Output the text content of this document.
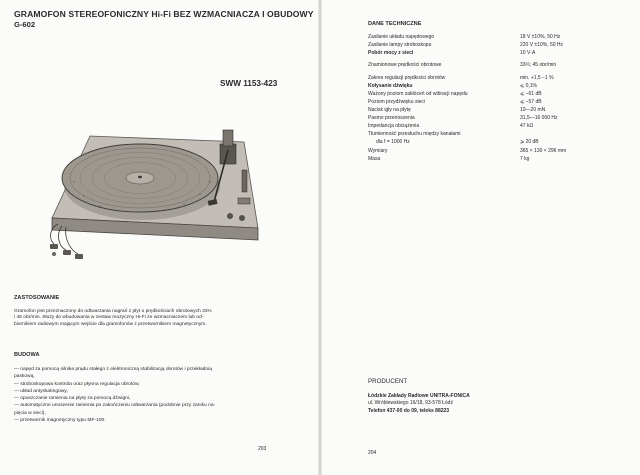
GRAMOFON STEREOFONICZNY Hi-Fi BEZ WZMACNIACZA I OBUDOWY
G-602
SWW 1153-423
ZASTOSOWANIE
Gramofon jest przeznaczony do odtwarzania nagrań z płyt o prędkościach obrotowych 33⅓
i 45 obr/min. Służy do wbudowania w zestaw muzyczny Hi-Fi ze wzmacniaczem lub od-
biornikiem radiowym mającym wejście dla gramofonów z przetwornikiem magnetycznym.
BUDOWA
— napęd za pomocą silnika prądu stałego z elektroniczną stabilizacją obrotów i przekładnią
paskową,
— stroboskopowa kontrola oraz płynna regulacja obrotów,
— układ antyskatingowy,
— opuszczanie ramienia na płytę za pomocą dźwigni,
— automatyczne unoszenie ramienia po zakończeniu odtwarzania (podobnie przy zaniku na-
pięcia w sieci),
— przetwornik magnetyczny typu MF-100.
203
DANE TECHNICZNE
Zasilanie układu napędowego	18 V ±10%, 50 Hz
Zasilanie lampy stroboskopu	220 V ±10%, 50 Hz
Pobór mocy z sieci	10 V·A
Znamionowe prędkości obrotowe	33⅓; 45 obr/min
Zakres regulacji prędkości obrotów	min. +1,5 −1 %
Kołysanie dźwięku	⩽ 0,1%
Ważony poziom zakłóceń od wibracji napędu	⩽ −61 dB
Poziom przydźwięku sieci	⩽ −57 dB
Nacisk igły na płytę	10—20 mN
Pasmo przenoszenia	31,5—16 000 Hz
Impedancja obciążenia	47 kΩ
Tłumienność przesłuchu między kanałami
dla f = 1000 Hz	⩾ 20 dB
Wymiary	365 × 130 × 296 mm
Masa	7 kg
PRODUCENT
Łódzkie Zakłady Radiowe UNITRA-FONICA
ul. Wróblewskiego 16/18, 93-578 Łódź
Telefon 437-00 do 09, teleks 88223
204
